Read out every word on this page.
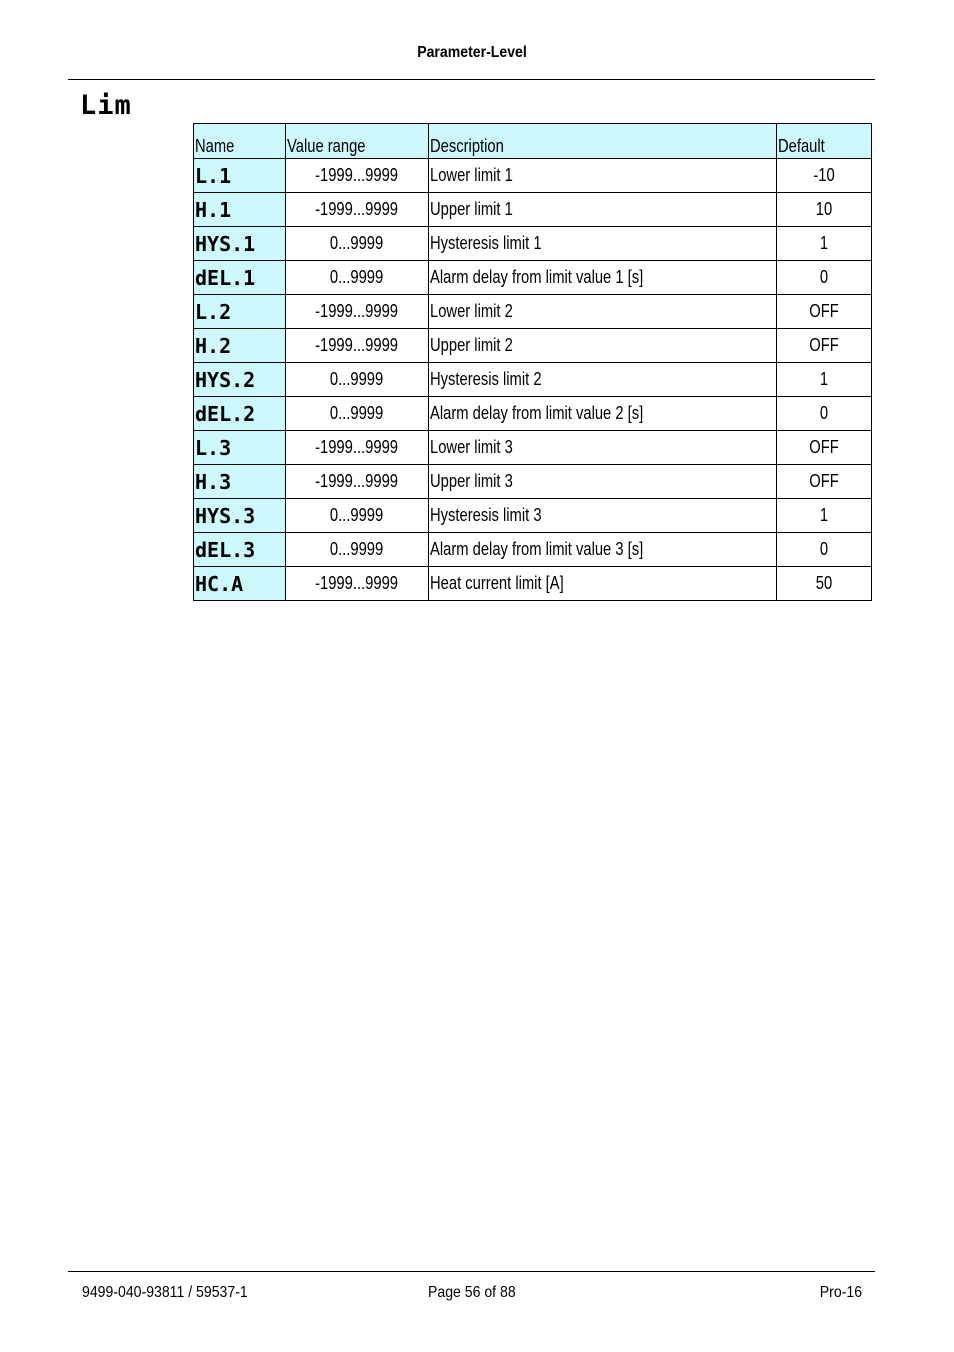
Parameter-Level
Lim
Name	Value range	Description	Default
L.1	-1999...9999	Lower limit 1	-10
H.1	-1999...9999	Upper limit 1	10
HYS.1	0...9999	Hysteresis limit 1	1
dEL.1	0...9999	Alarm delay from limit value 1 [s]	0
L.2	-1999...9999	Lower limit 2	OFF
H.2	-1999...9999	Upper limit 2	OFF
HYS.2	0...9999	Hysteresis limit 2	1
dEL.2	0...9999	Alarm delay from limit value 2 [s]	0
L.3	-1999...9999	Lower limit 3	OFF
H.3	-1999...9999	Upper limit 3	OFF
HYS.3	0...9999	Hysteresis limit 3	1
dEL.3	0...9999	Alarm delay from limit value 3 [s]	0
HC.A	-1999...9999	Heat current limit [A]	50
9499-040-93811 / 59537-1	Page 56 of 88	Pro-16
